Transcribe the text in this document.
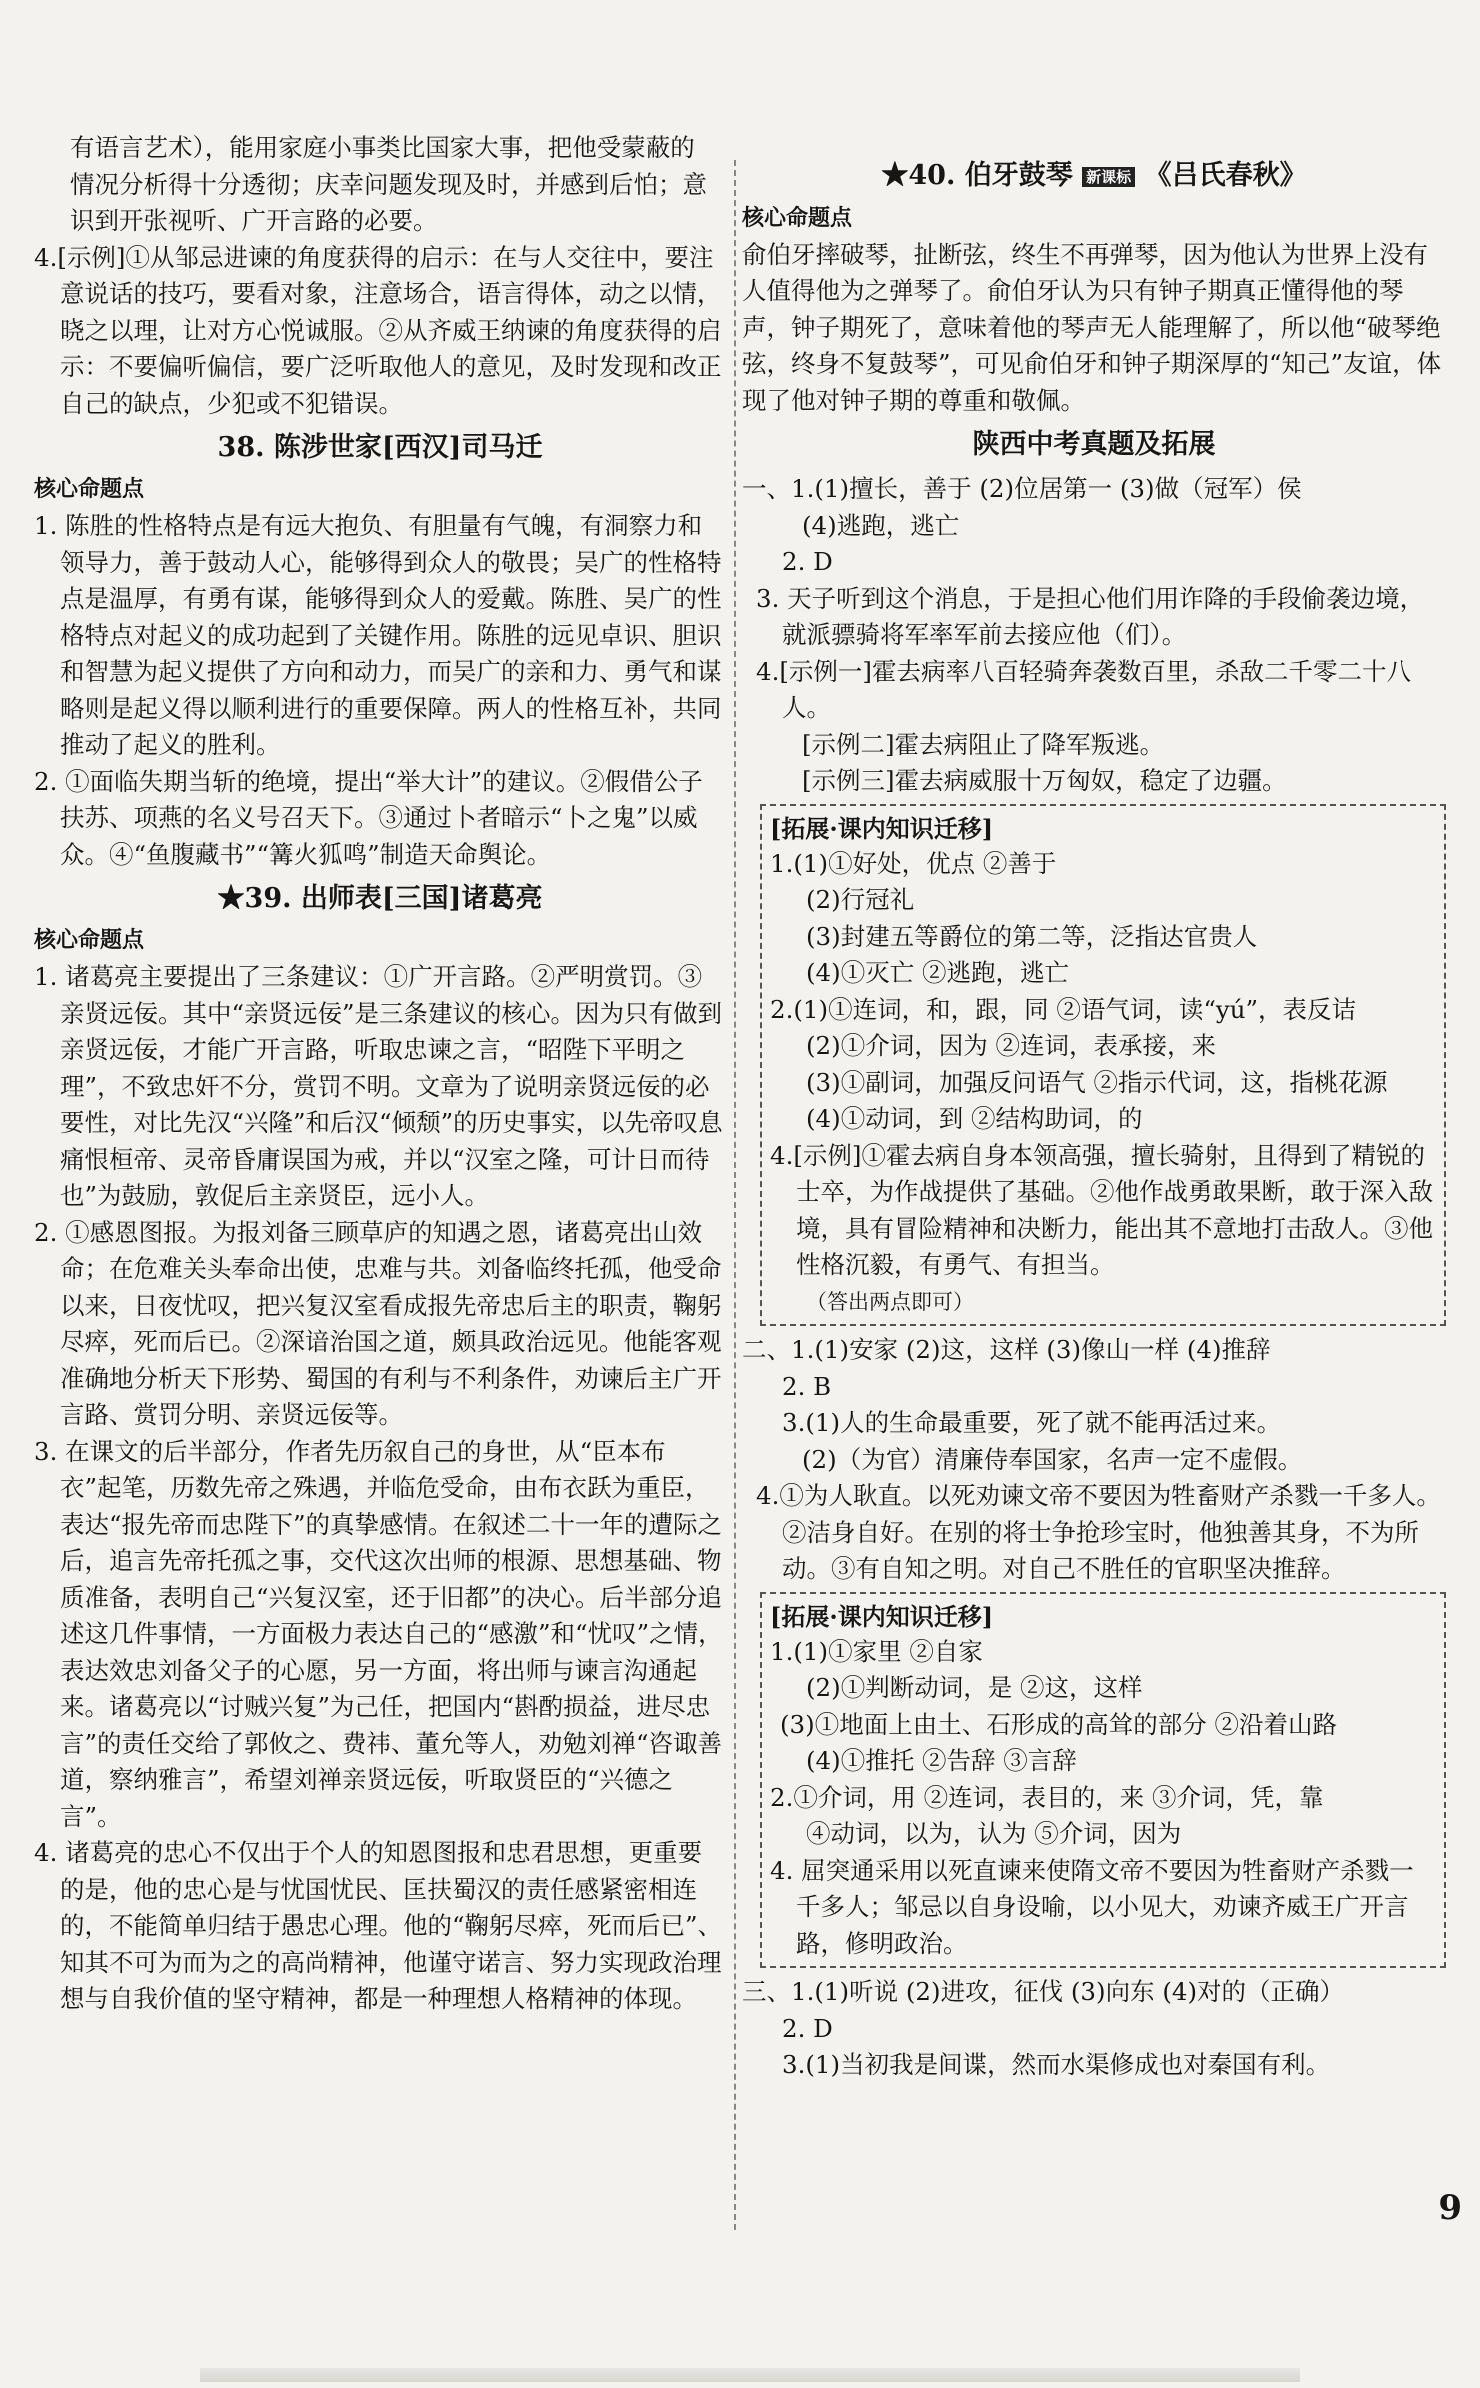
有语言艺术），能用家庭小事类比国家大事，把他受蒙蔽的

情况分析得十分透彻；庆幸问题发现及时，并感到后怕；意

识到开张视听、广开言路的必要。

4.[示例]①从邹忌进谏的角度获得的启示：在与人交往中，要注意说话的技巧，要看对象，注意场合，语言得体，动之以情，晓之以理，让对方心悦诚服。②从齐威王纳谏的角度获得的启示：不要偏听偏信，要广泛听取他人的意见，及时发现和改正自己的缺点，少犯或不犯错误。

38. 陈涉世家[西汉]司马迁
核心命题点

1. 陈胜的性格特点是有远大抱负、有胆量有气魄，有洞察力和领导力，善于鼓动人心，能够得到众人的敬畏；吴广的性格特点是温厚，有勇有谋，能够得到众人的爱戴。陈胜、吴广的性格特点对起义的成功起到了关键作用。陈胜的远见卓识、胆识和智慧为起义提供了方向和动力，而吴广的亲和力、勇气和谋略则是起义得以顺利进行的重要保障。两人的性格互补，共同推动了起义的胜利。

2. ①面临失期当斩的绝境，提出“举大计”的建议。②假借公子扶苏、项燕的名义号召天下。③通过卜者暗示“卜之鬼”以威众。④“鱼腹藏书”“篝火狐鸣”制造天命舆论。

★39. 出师表[三国]诸葛亮
核心命题点

1. 诸葛亮主要提出了三条建议：①广开言路。②严明赏罚。③亲贤远佞。其中“亲贤远佞”是三条建议的核心。因为只有做到亲贤远佞，才能广开言路，听取忠谏之言，“昭陛下平明之理”，不致忠奸不分，赏罚不明。文章为了说明亲贤远佞的必要性，对比先汉“兴隆”和后汉“倾颓”的历史事实，以先帝叹息痛恨桓帝、灵帝昏庸误国为戒，并以“汉室之隆，可计日而待也”为鼓励，敦促后主亲贤臣，远小人。

2. ①感恩图报。为报刘备三顾草庐的知遇之恩，诸葛亮出山效命；在危难关头奉命出使，忠难与共。刘备临终托孤，他受命以来，日夜忧叹，把兴复汉室看成报先帝忠后主的职责，鞠躬尽瘁，死而后已。②深谙治国之道，颇具政治远见。他能客观准确地分析天下形势、蜀国的有利与不利条件，劝谏后主广开言路、赏罚分明、亲贤远佞等。

3. 在课文的后半部分，作者先历叙自己的身世，从“臣本布衣”起笔，历数先帝之殊遇，并临危受命，由布衣跃为重臣，表达“报先帝而忠陛下”的真挚感情。在叙述二十一年的遭际之后，追言先帝托孤之事，交代这次出师的根源、思想基础、物质准备，表明自己“兴复汉室，还于旧都”的决心。后半部分追述这几件事情，一方面极力表达自己的“感激”和“忧叹”之情，表达效忠刘备父子的心愿，另一方面，将出师与谏言沟通起来。诸葛亮以“讨贼兴复”为己任，把国内“斟酌损益，进尽忠言”的责任交给了郭攸之、费祎、董允等人，劝勉刘禅“咨诹善道，察纳雅言”，希望刘禅亲贤远佞，听取贤臣的“兴德之言”。

4. 诸葛亮的忠心不仅出于个人的知恩图报和忠君思想，更重要的是，他的忠心是与忧国忧民、匡扶蜀汉的责任感紧密相连的，不能简单归结于愚忠心理。他的“鞠躬尽瘁，死而后已”、知其不可为而为之的高尚精神，他谨守诺言、努力实现政治理想与自我价值的坚守精神，都是一种理想人格精神的体现。

★40. 伯牙鼓琴 新课标 《吕氏春秋》
核心命题点

俞伯牙摔破琴，扯断弦，终生不再弹琴，因为他认为世界上没有人值得他为之弹琴了。俞伯牙认为只有钟子期真正懂得他的琴声，钟子期死了，意味着他的琴声无人能理解了，所以他“破琴绝弦，终身不复鼓琴”，可见俞伯牙和钟子期深厚的“知己”友谊，体现了他对钟子期的尊重和敬佩。

陕西中考真题及拓展

一、1.(1)擅长，善于 (2)位居第一 (3)做（冠军）侯

(4)逃跑，逃亡

2. D

3. 天子听到这个消息，于是担心他们用诈降的手段偷袭边境，就派骠骑将军率军前去接应他（们）。

4.[示例一]霍去病率八百轻骑奔袭数百里，杀敌二千零二十八人。

[示例二]霍去病阻止了降军叛逃。

[示例三]霍去病威服十万匈奴，稳定了边疆。

[拓展·课内知识迁移]

1.(1)①好处，优点 ②善于

(2)行冠礼

(3)封建五等爵位的第二等，泛指达官贵人

(4)①灭亡 ②逃跑，逃亡

2.(1)①连词，和，跟，同 ②语气词，读“yú”，表反诘

(2)①介词，因为 ②连词，表承接，来

(3)①副词，加强反问语气 ②指示代词，这，指桃花源

(4)①动词，到 ②结构助词，的

4.[示例]①霍去病自身本领高强，擅长骑射，且得到了精锐的士卒，为作战提供了基础。②他作战勇敢果断，敢于深入敌境，具有冒险精神和决断力，能出其不意地打击敌人。③他性格沉毅，有勇气、有担当。

（答出两点即可）

二、1.(1)安家 (2)这，这样 (3)像山一样 (4)推辞

2. B

3.(1)人的生命最重要，死了就不能再活过来。

(2)（为官）清廉侍奉国家，名声一定不虚假。

4.①为人耿直。以死劝谏文帝不要因为牲畜财产杀戮一千多人。②洁身自好。在别的将士争抢珍宝时，他独善其身，不为所动。③有自知之明。对自己不胜任的官职坚决推辞。

[拓展·课内知识迁移]

1.(1)①家里 ②自家

(2)①判断动词，是 ②这，这样

(3)①地面上由土、石形成的高耸的部分 ②沿着山路

(4)①推托 ②告辞 ③言辞

2.①介词，用 ②连词，表目的，来 ③介词，凭，靠

④动词，以为，认为 ⑤介词，因为

4. 屈突通采用以死直谏来使隋文帝不要因为牲畜财产杀戮一千多人；邹忌以自身设喻，以小见大，劝谏齐威王广开言路，修明政治。

三、1.(1)听说 (2)进攻，征伐 (3)向东 (4)对的（正确）

2. D

3.(1)当初我是间谍，然而水渠修成也对秦国有利。

9
